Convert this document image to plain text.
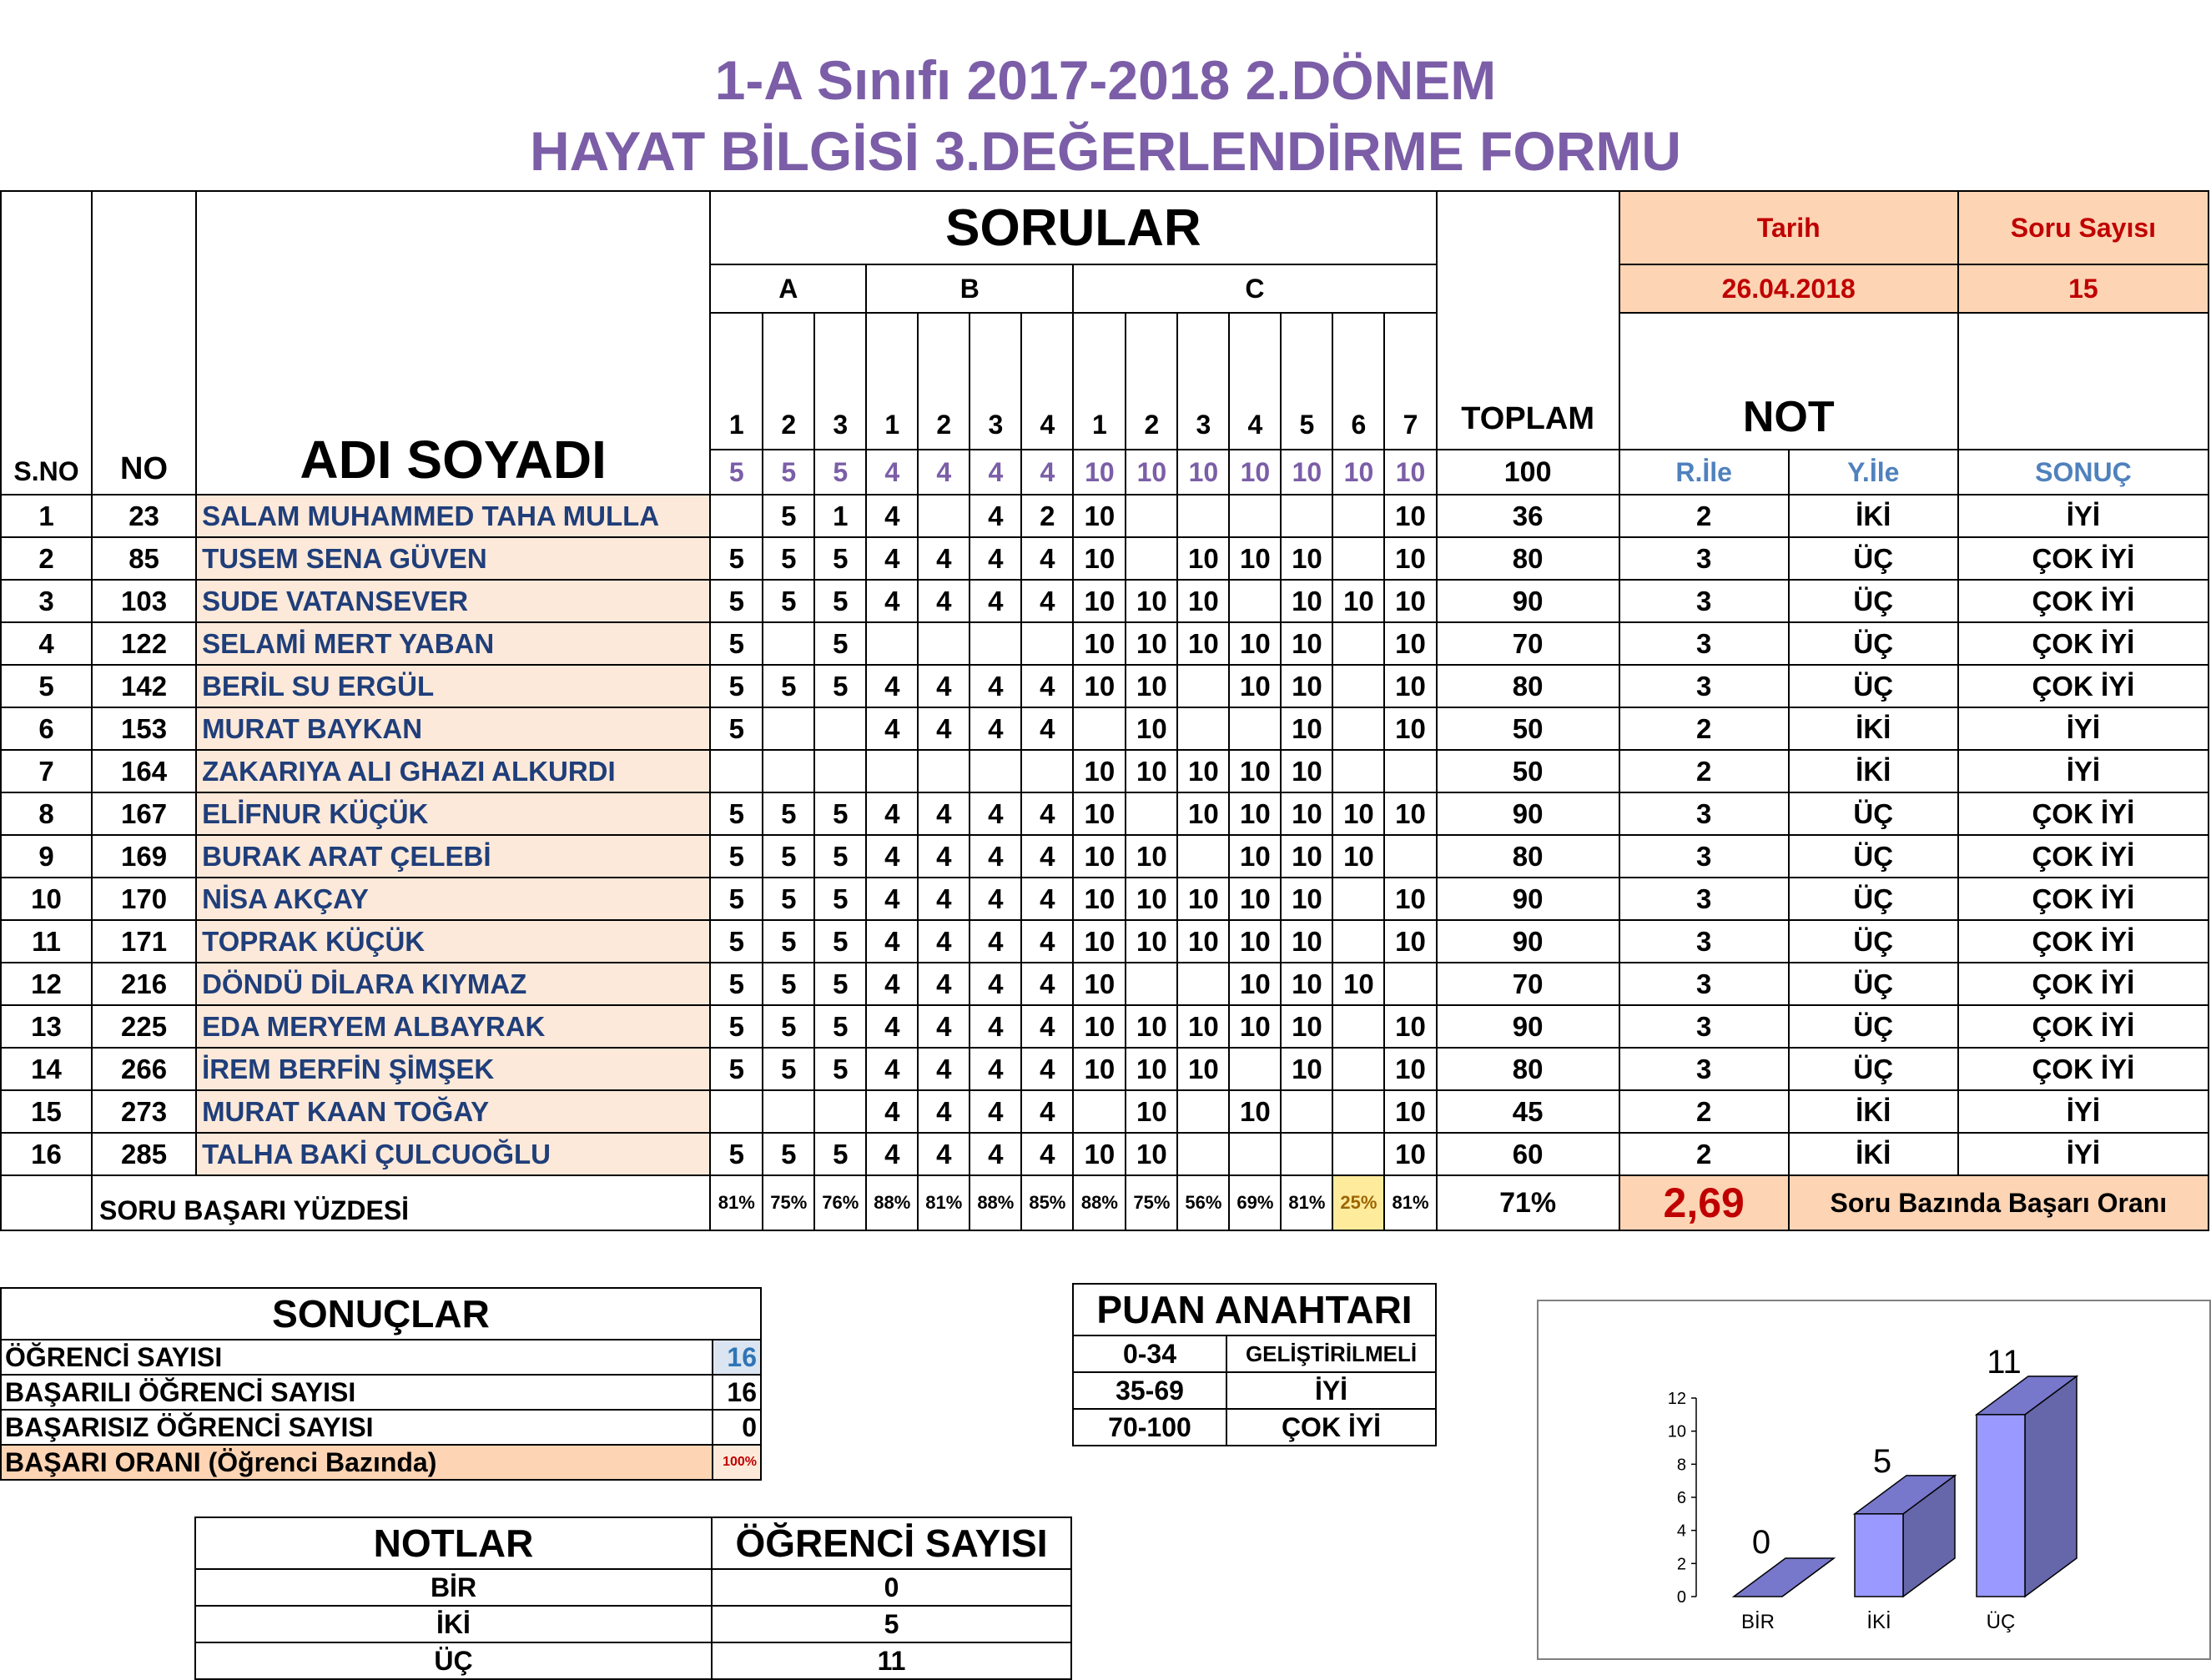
1-A Sınıfı 2017-2018 2.DÖNEM
HAYAT BİLGİSİ 3.DEĞERLENDİRME FORMU
S.NO	NO	ADI SOYADI	SORULAR														TOPLAM	Tarih		Soru Sayısı
			A			B				C								26.04.2018		15
			1	2	3	1	2	3	4	1	2	3	4	5	6	7		NOT		
			5	5	5	4	4	4	4	10	10	10	10	10	10	10	100	R.İle	Y.İle	SONUÇ
1	23	SALAM MUHAMMED TAHA MULLA		5	1	4		4	2	10						10	36	2	İKİ	İYİ
2	85	TUSEM SENA GÜVEN	5	5	5	4	4	4	4	10		10	10	10		10	80	3	ÜÇ	ÇOK İYİ
3	103	SUDE VATANSEVER	5	5	5	4	4	4	4	10	10	10		10	10	10	90	3	ÜÇ	ÇOK İYİ
4	122	SELAMİ MERT YABAN	5		5					10	10	10	10	10		10	70	3	ÜÇ	ÇOK İYİ
5	142	BERİL SU ERGÜL	5	5	5	4	4	4	4	10	10		10	10		10	80	3	ÜÇ	ÇOK İYİ
6	153	MURAT BAYKAN	5			4	4	4	4		10			10		10	50	2	İKİ	İYİ
7	164	ZAKARIYA ALI GHAZI ALKURDI								10	10	10	10	10			50	2	İKİ	İYİ
8	167	ELİFNUR KÜÇÜK	5	5	5	4	4	4	4	10		10	10	10	10	10	90	3	ÜÇ	ÇOK İYİ
9	169	BURAK ARAT ÇELEBİ	5	5	5	4	4	4	4	10	10		10	10	10		80	3	ÜÇ	ÇOK İYİ
10	170	NİSA AKÇAY	5	5	5	4	4	4	4	10	10	10	10	10		10	90	3	ÜÇ	ÇOK İYİ
11	171	TOPRAK KÜÇÜK	5	5	5	4	4	4	4	10	10	10	10	10		10	90	3	ÜÇ	ÇOK İYİ
12	216	DÖNDÜ DİLARA KIYMAZ	5	5	5	4	4	4	4	10			10	10	10		70	3	ÜÇ	ÇOK İYİ
13	225	EDA MERYEM ALBAYRAK	5	5	5	4	4	4	4	10	10	10	10	10		10	90	3	ÜÇ	ÇOK İYİ
14	266	İREM BERFİN ŞİMŞEK	5	5	5	4	4	4	4	10	10	10		10		10	80	3	ÜÇ	ÇOK İYİ
15	273	MURAT KAAN TOĞAY				4	4	4	4		10		10			10	45	2	İKİ	İYİ
16	285	TALHA BAKİ ÇULCUOĞLU	5	5	5	4	4	4	4	10	10					10	60	2	İKİ	İYİ
	SORU BAŞARI YÜZDESİ		81%	75%	76%	88%	81%	88%	85%	88%	75%	56%	69%	81%	25%	81%	71%	2,69	Soru Bazında Başarı Oranı	
SONUÇLAR	
ÖĞRENCİ SAYISI	16
BAŞARILI ÖĞRENCİ SAYISI	16
BAŞARISIZ ÖĞRENCİ SAYISI	0
BAŞARI ORANI (Öğrenci Bazında)	100%
PUAN ANAHTARI	
0-34	GELİŞTİRİLMELİ
35-69	İYİ
70-100	ÇOK İYİ
NOTLAR	ÖĞRENCİ SAYISI
BİR	0
İKİ	5
ÜÇ	11
0
2
4
6
8
10
12
0
BİR
5
İKİ
11
ÜÇ
